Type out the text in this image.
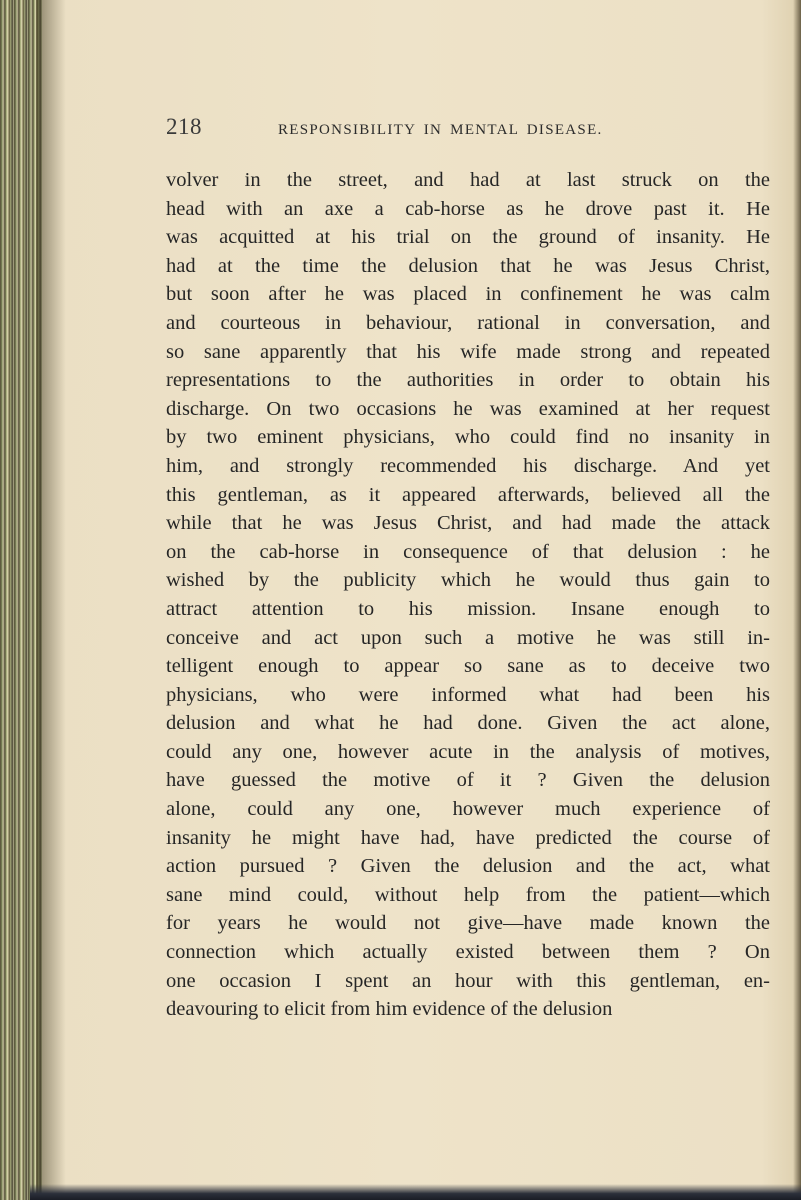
218	RESPONSIBILITY IN MENTAL DISEASE.
volver in the street, and had at last struck on the
head with an axe a cab-horse as he drove past it. He
was acquitted at his trial on the ground of insanity. He
had at the time the delusion that he was Jesus Christ,
but soon after he was placed in confinement he was calm
and courteous in behaviour, rational in conversation, and
so sane apparently that his wife made strong and repeated
representations to the authorities in order to obtain his
discharge. On two occasions he was examined at her request
by two eminent physicians, who could find no insanity in
him, and strongly recommended his discharge. And yet
this gentleman, as it appeared afterwards, believed all the
while that he was Jesus Christ, and had made the attack
on the cab-horse in consequence of that delusion : he
wished by the publicity which he would thus gain to
attract attention to his mission. Insane enough to
conceive and act upon such a motive he was still in-
telligent enough to appear so sane as to deceive two
physicians, who were informed what had been his
delusion and what he had done. Given the act alone,
could any one, however acute in the analysis of motives,
have guessed the motive of it ? Given the delusion
alone, could any one, however much experience of
insanity he might have had, have predicted the course of
action pursued ? Given the delusion and the act, what
sane mind could, without help from the patient—which
for years he would not give—have made known the
connection which actually existed between them ? On
one occasion I spent an hour with this gentleman, en-
deavouring to elicit from him evidence of the delusion
